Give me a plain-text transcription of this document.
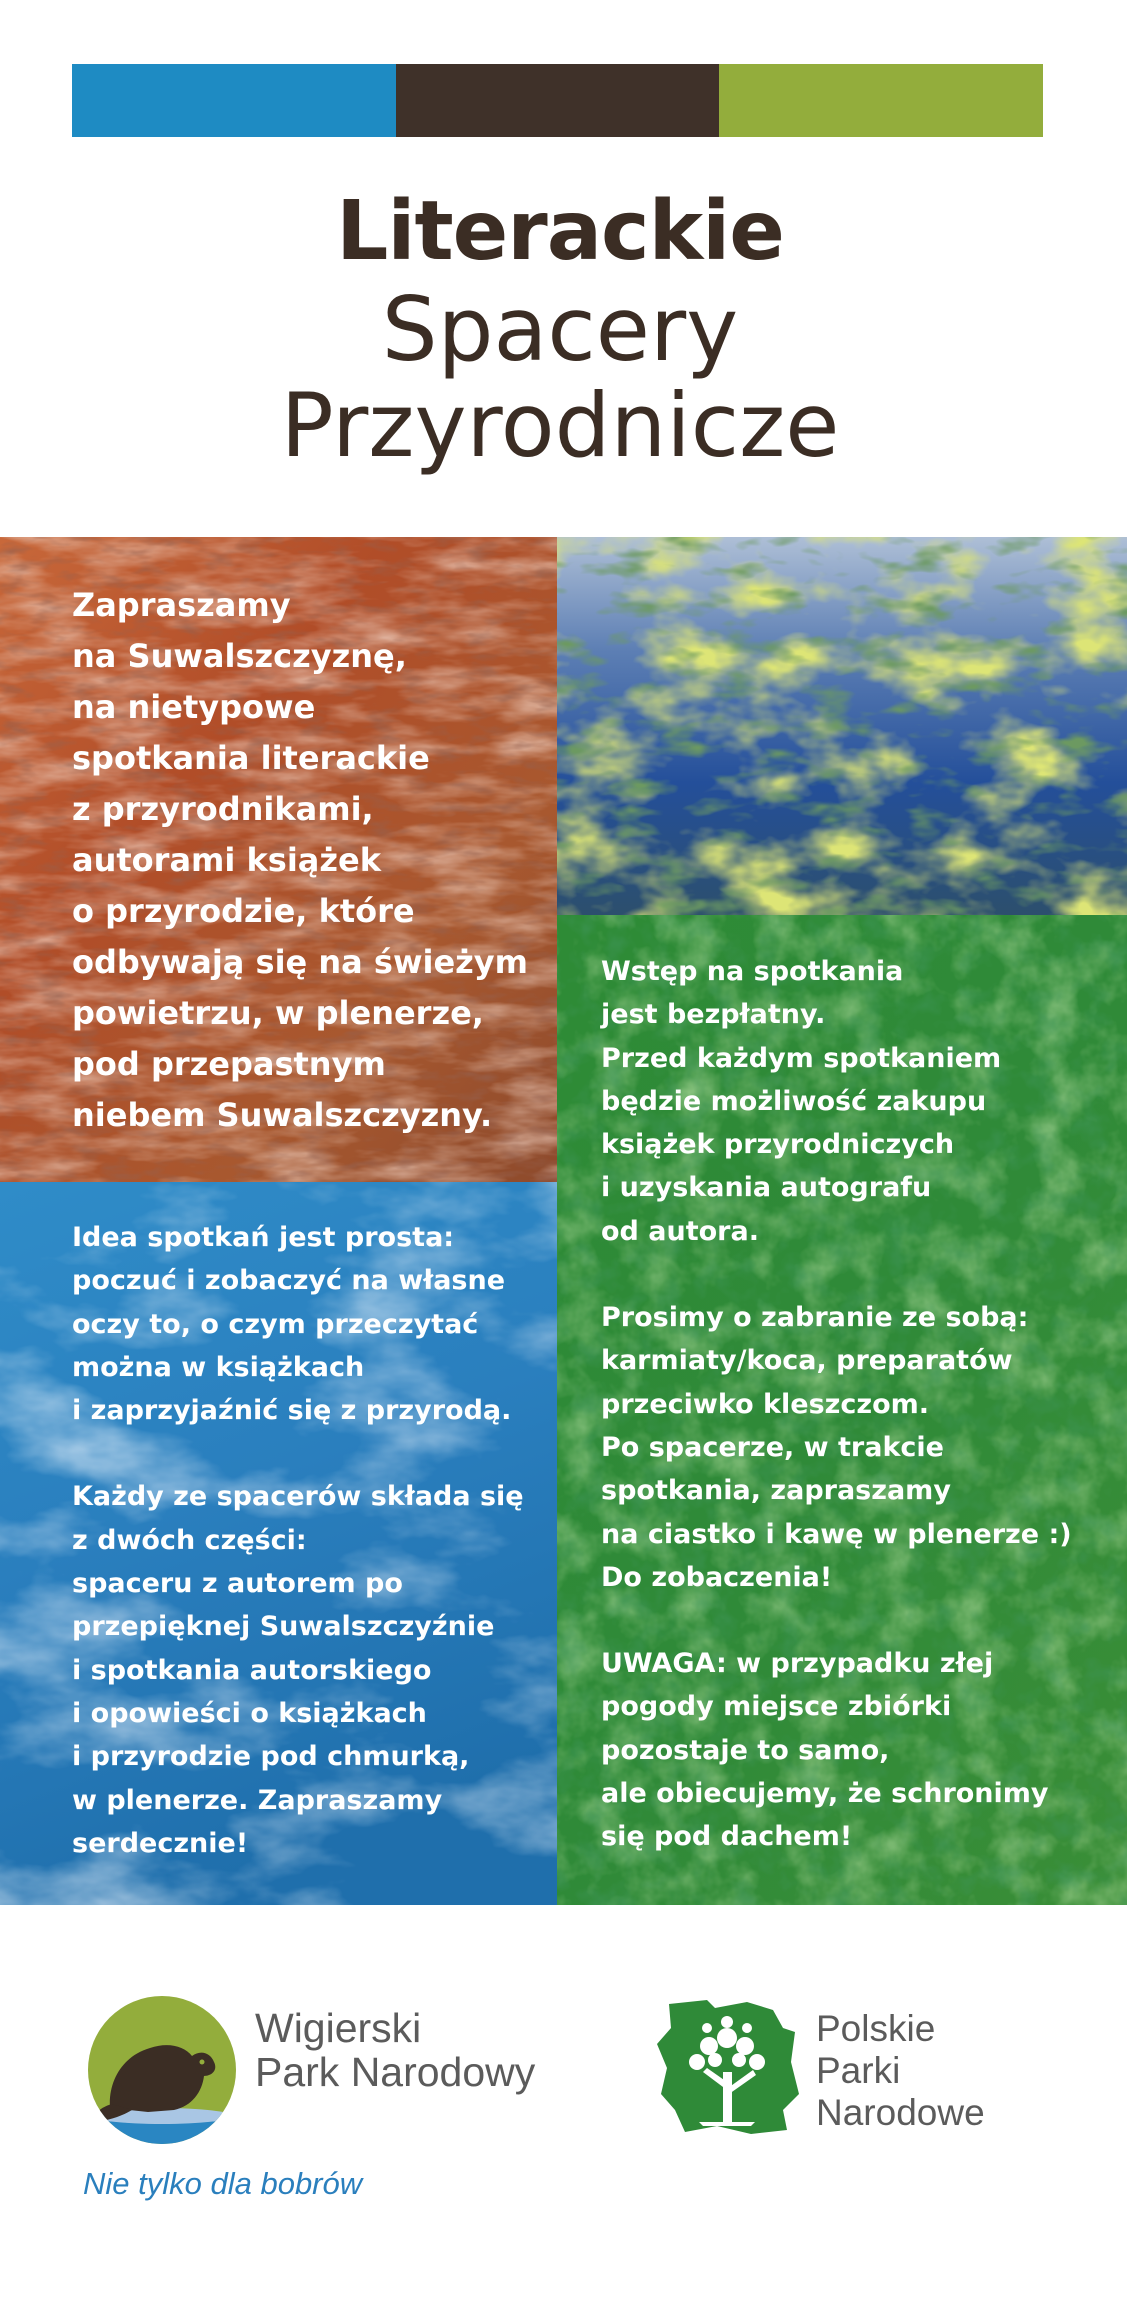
Literackie
Spacery
Przyrodnicze

Zapraszamy

na Suwalszczyznę,

na nietypowe

spotkania literackie

z przyrodnikami,

autorami książek

o przyrodzie, które

odbywają się na świeżym

powietrzu, w plenerze,

pod przepastnym

niebem Suwalszczyzny.

Idea spotkań jest prosta:

poczuć i zobaczyć na własne

oczy to, o czym przeczytać

można w książkach

i zaprzyjaźnić się z przyrodą.

Każdy ze spacerów składa się

z dwóch części:

spaceru z autorem po

przepięknej Suwalszczyźnie

i spotkania autorskiego

i opowieści o książkach

i przyrodzie pod chmurką,

w plenerze. Zapraszamy

serdecznie!

Wstęp na spotkania

jest bezpłatny.

Przed każdym spotkaniem

będzie możliwość zakupu

książek przyrodniczych

i uzyskania autografu

od autora.

Prosimy o zabranie ze sobą:

karmiaty/koca, preparatów

przeciwko kleszczom.

Po spacerze, w trakcie

spotkania, zapraszamy

na ciastko i kawę w plenerze :)

Do zobaczenia!

UWAGA: w przypadku złej

pogody miejsce zbiórki

pozostaje to samo,

ale obiecujemy, że schronimy

się pod dachem!

Wigierski
Park Narodowy
Nie tylko dla bobrów
Polskie
Parki
Narodowe
